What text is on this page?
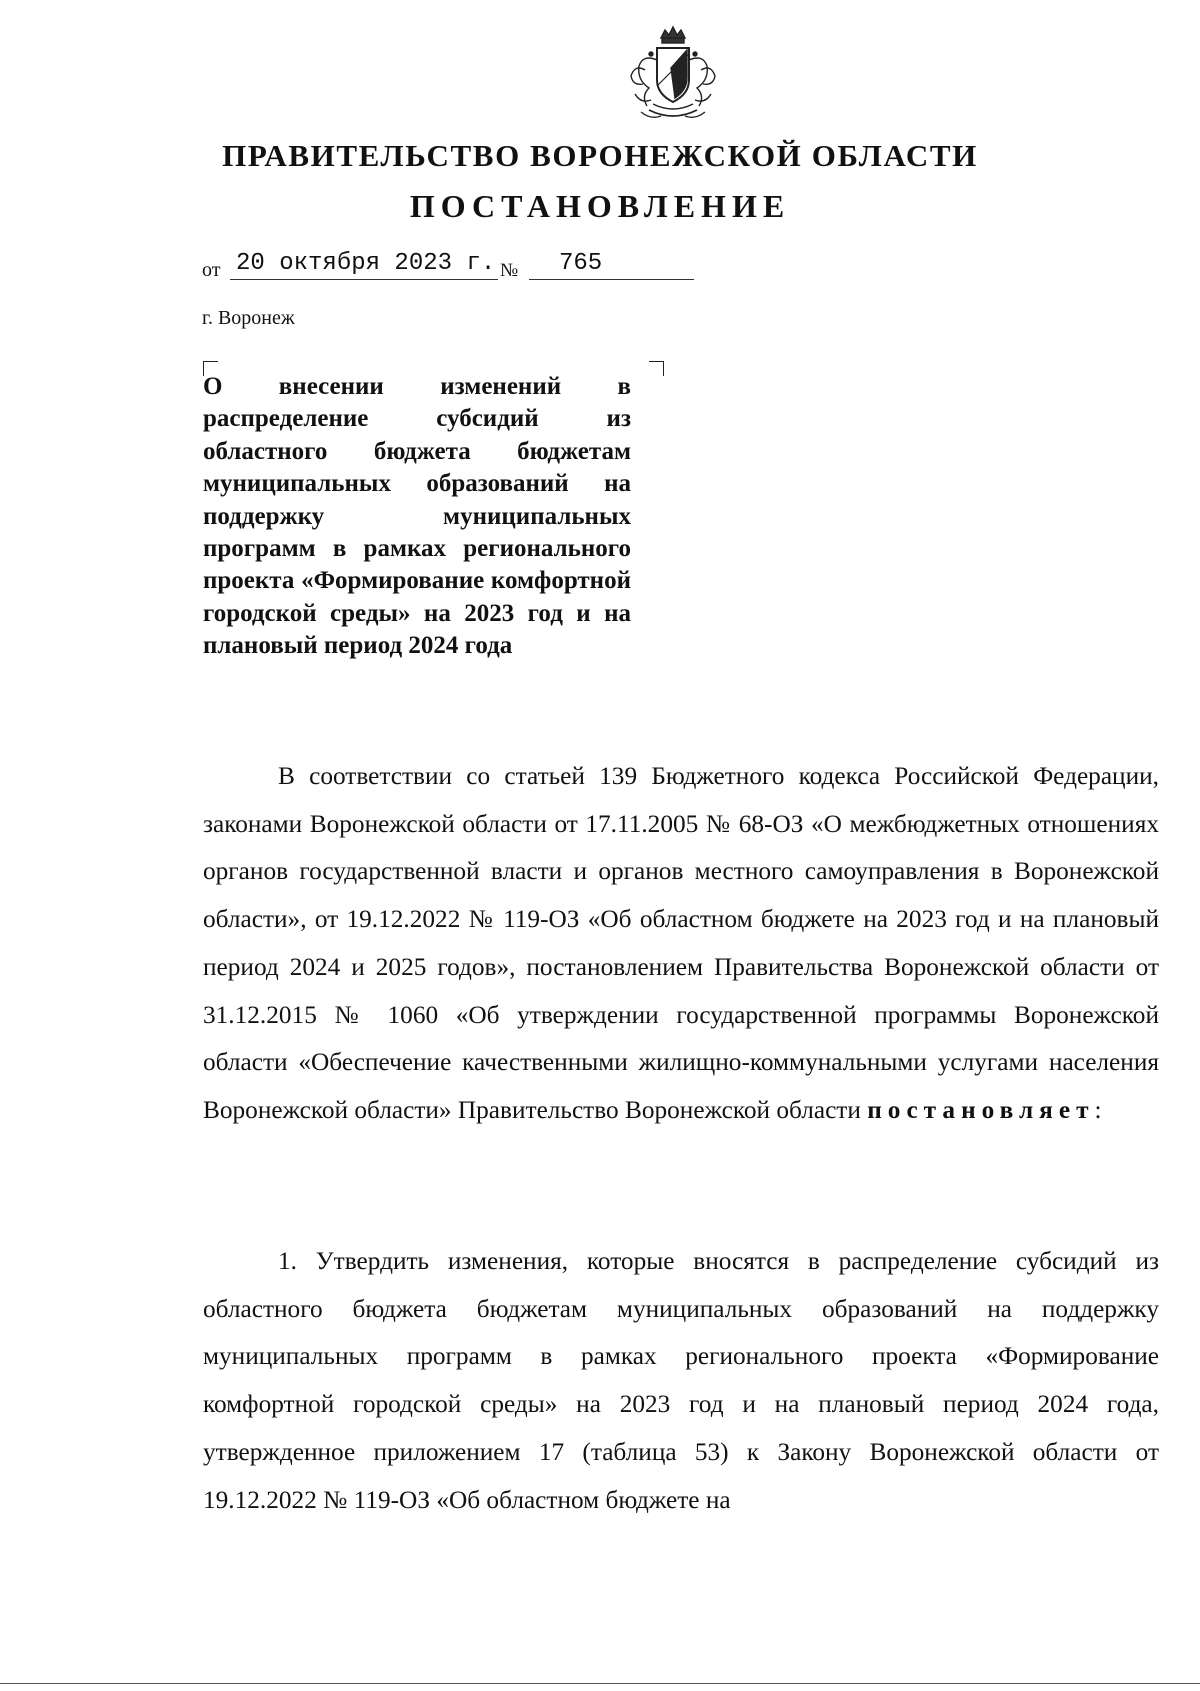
ПРАВИТЕЛЬСТВО ВОРОНЕЖСКОЙ ОБЛАСТИ
ПОСТАНОВЛЕНИЕ
от 20 октября 2023 г. №	765

г. Воронеж

О внесении изменений в распределение субсидий из областного бюджета бюджетам муниципальных образований на поддержку муниципальных программ в рамках регионального проекта «Формирование комфортной городской среды» на 2023 год и на плановый период 2024 года

В соответствии со статьей 139 Бюджетного кодекса Российской Федерации, законами Воронежской области от 17.11.2005 № 68-ОЗ «О межбюджетных отношениях органов государственной власти и органов местного самоуправления в Воронежской области», от 19.12.2022 № 119-ОЗ «Об областном бюджете на 2023 год и на плановый период 2024 и 2025 годов», постановлением Правительства Воронежской области от 31.12.2015 № 1060 «Об утверждении государственной программы Воронежской области «Обеспечение качественными жилищно-коммунальными услугами населения Воронежской области» Правительство Воронежской области постановляет:

1. Утвердить изменения, которые вносятся в распределение субсидий из областного бюджета бюджетам муниципальных образований на поддержку муниципальных программ в рамках регионального проекта «Формирование комфортной городской среды» на 2023 год и на плановый период 2024 года, утвержденное приложением 17 (таблица 53) к Закону Воронежской области от 19.12.2022 № 119-ОЗ «Об областном бюджете на
